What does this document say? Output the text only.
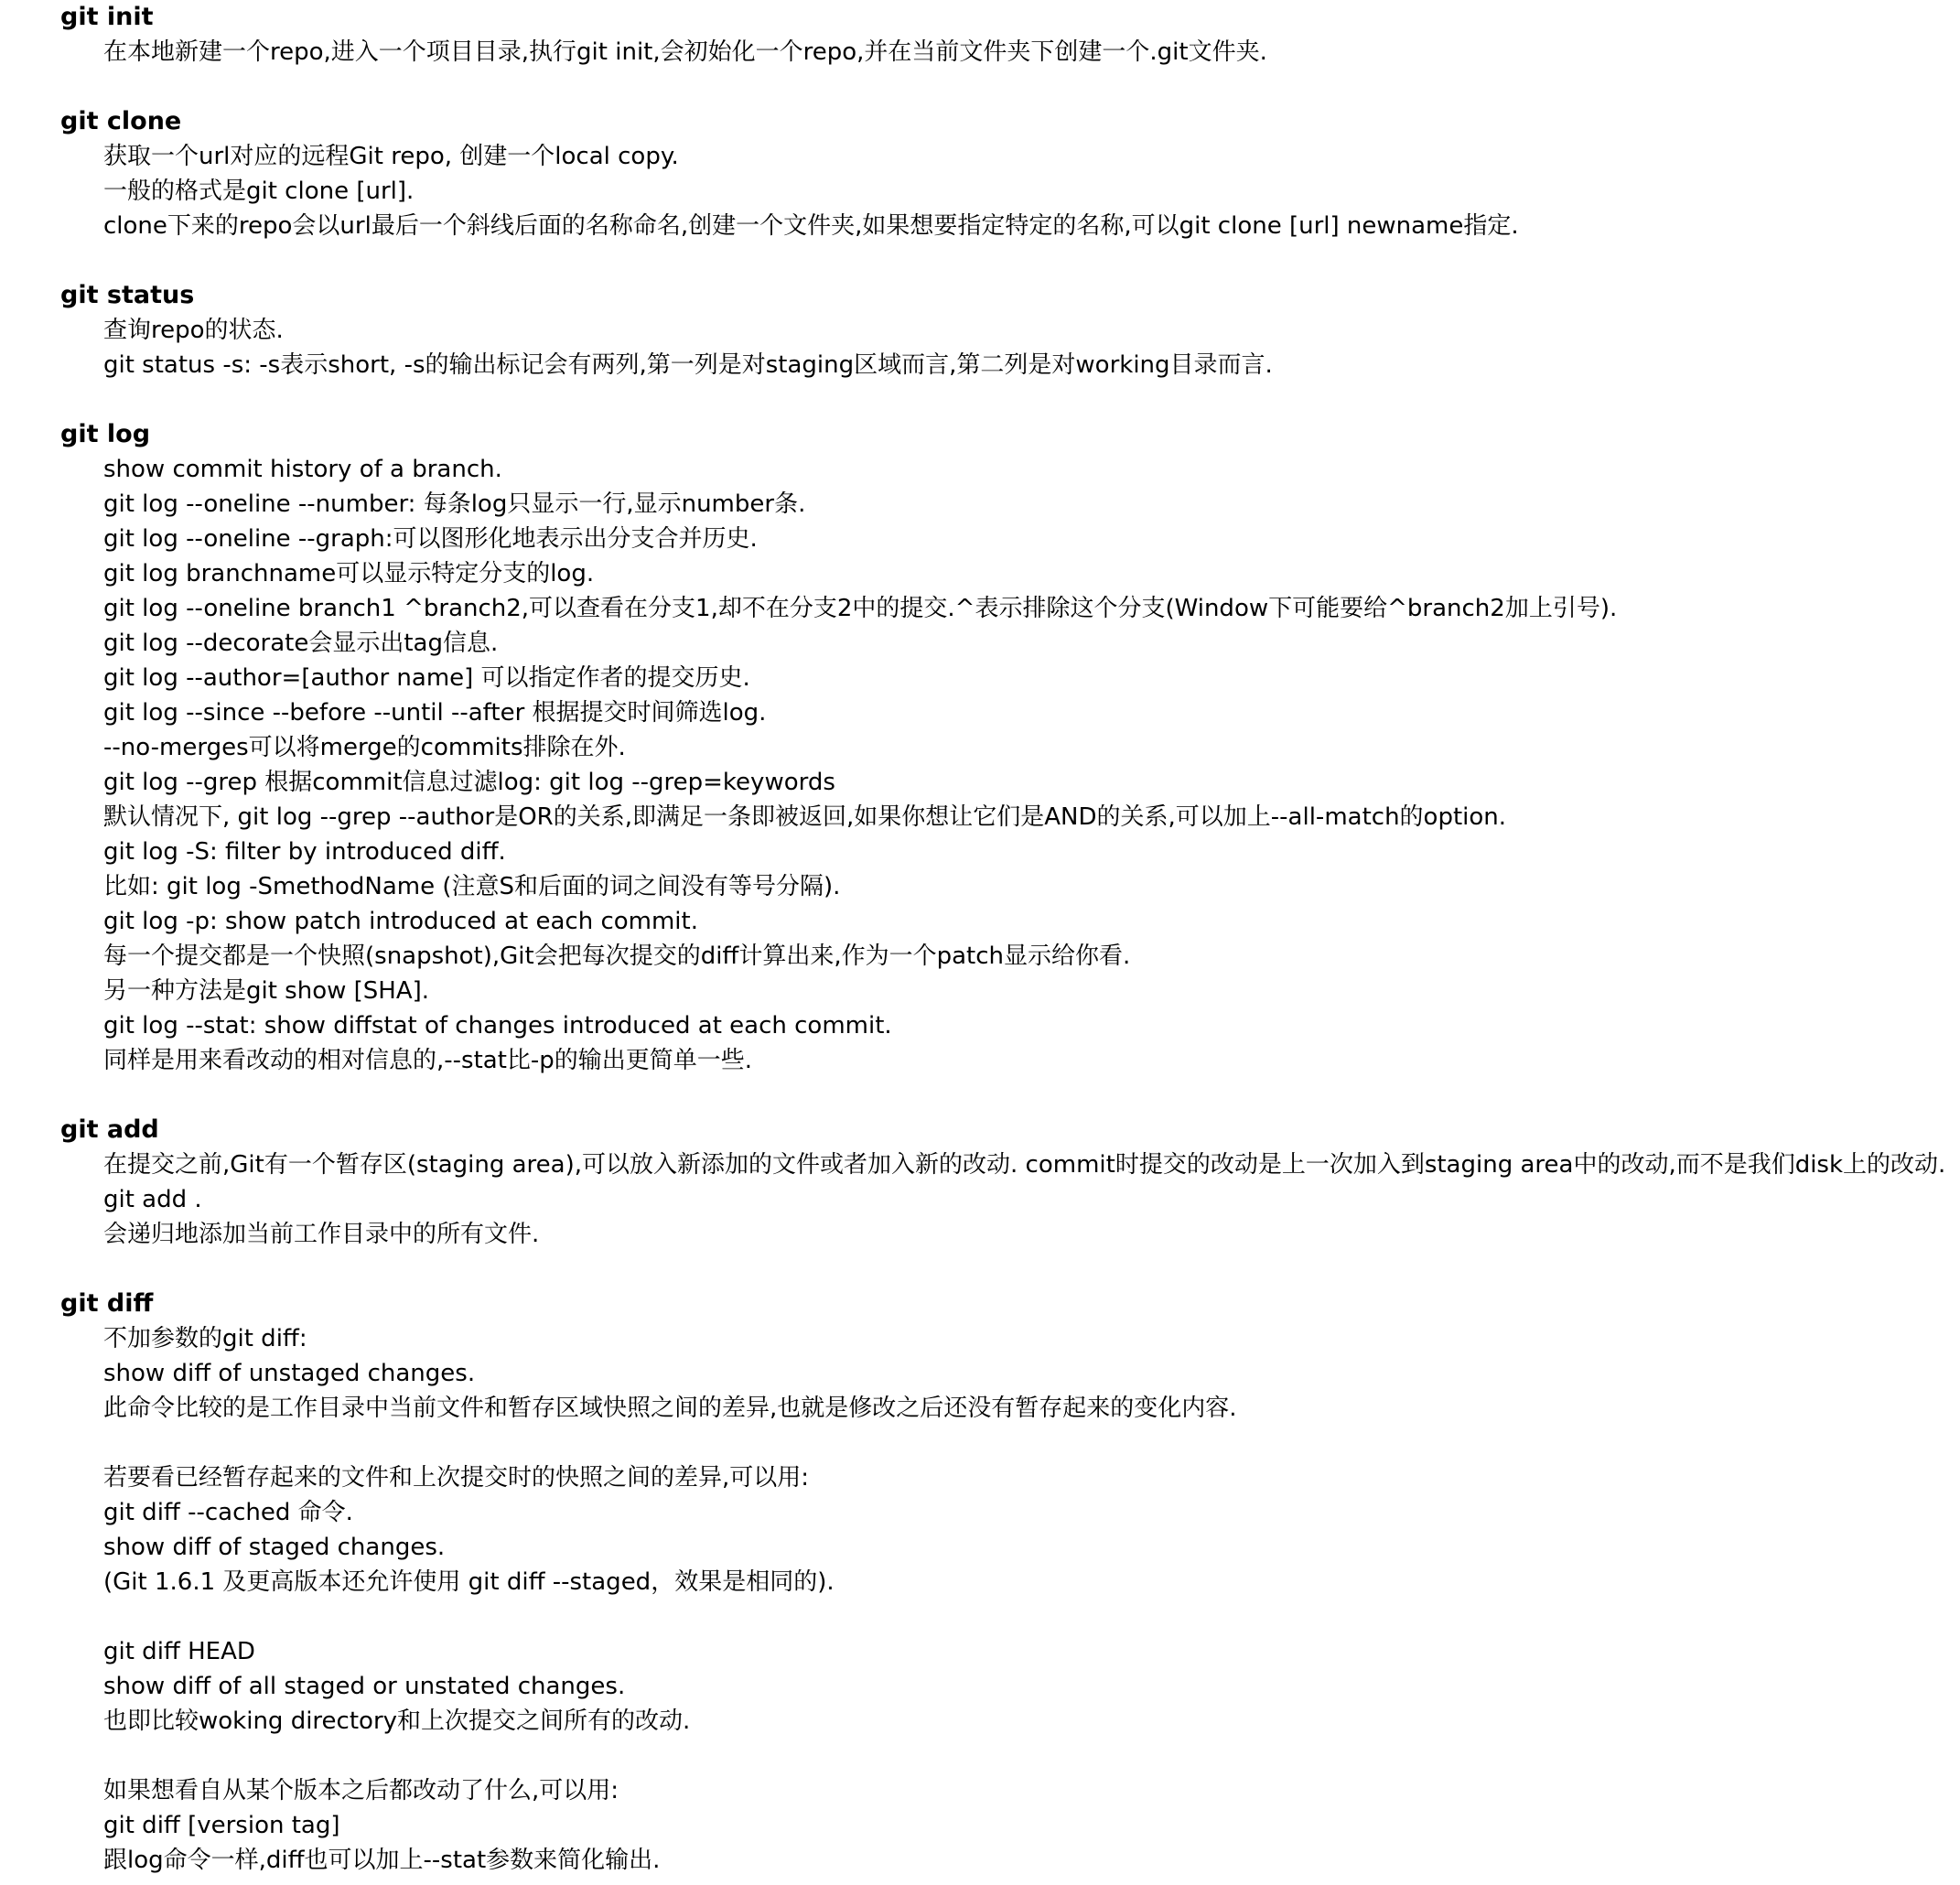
git init
在本地新建一个repo,进入一个项目目录,执行git init,会初始化一个repo,并在当前文件夹下创建一个.git文件夹.
git clone
获取一个url对应的远程Git repo, 创建一个local copy.
一般的格式是git clone [url].
clone下来的repo会以url最后一个斜线后面的名称命名,创建一个文件夹,如果想要指定特定的名称,可以git clone [url] newname指定.
git status
查询repo的状态.
git status -s: -s表示short, -s的输出标记会有两列,第一列是对staging区域而言,第二列是对working目录而言.
git log
show commit history of a branch.
git log --oneline --number: 每条log只显示一行,显示number条.
git log --oneline --graph:可以图形化地表示出分支合并历史.
git log branchname可以显示特定分支的log.
git log --oneline branch1 ^branch2,可以查看在分支1,却不在分支2中的提交.^表示排除这个分支(Window下可能要给^branch2加上引号).
git log --decorate会显示出tag信息.
git log --author=[author name] 可以指定作者的提交历史.
git log --since --before --until --after 根据提交时间筛选log.
--no-merges可以将merge的commits排除在外.
git log --grep 根据commit信息过滤log: git log --grep=keywords
默认情况下, git log --grep --author是OR的关系,即满足一条即被返回,如果你想让它们是AND的关系,可以加上--all-match的option.
git log -S: filter by introduced diff.
比如: git log -SmethodName (注意S和后面的词之间没有等号分隔).
git log -p: show patch introduced at each commit.
每一个提交都是一个快照(snapshot),Git会把每次提交的diff计算出来,作为一个patch显示给你看.
另一种方法是git show [SHA].
git log --stat: show diffstat of changes introduced at each commit.
同样是用来看改动的相对信息的,--stat比-p的输出更简单一些.
git add
在提交之前,Git有一个暂存区(staging area),可以放入新添加的文件或者加入新的改动. commit时提交的改动是上一次加入到staging area中的改动,而不是我们disk上的改动.
git add .
会递归地添加当前工作目录中的所有文件.
git diff
不加参数的git diff:
show diff of unstaged changes.
此命令比较的是工作目录中当前文件和暂存区域快照之间的差异,也就是修改之后还没有暂存起来的变化内容.
若要看已经暂存起来的文件和上次提交时的快照之间的差异,可以用:
git diff --cached 命令.
show diff of staged changes.
(Git 1.6.1 及更高版本还允许使用 git diff --staged，效果是相同的).
git diff HEAD
show diff of all staged or unstated changes.
也即比较woking directory和上次提交之间所有的改动.
如果想看自从某个版本之后都改动了什么,可以用:
git diff [version tag]
跟log命令一样,diff也可以加上--stat参数来简化输出.
